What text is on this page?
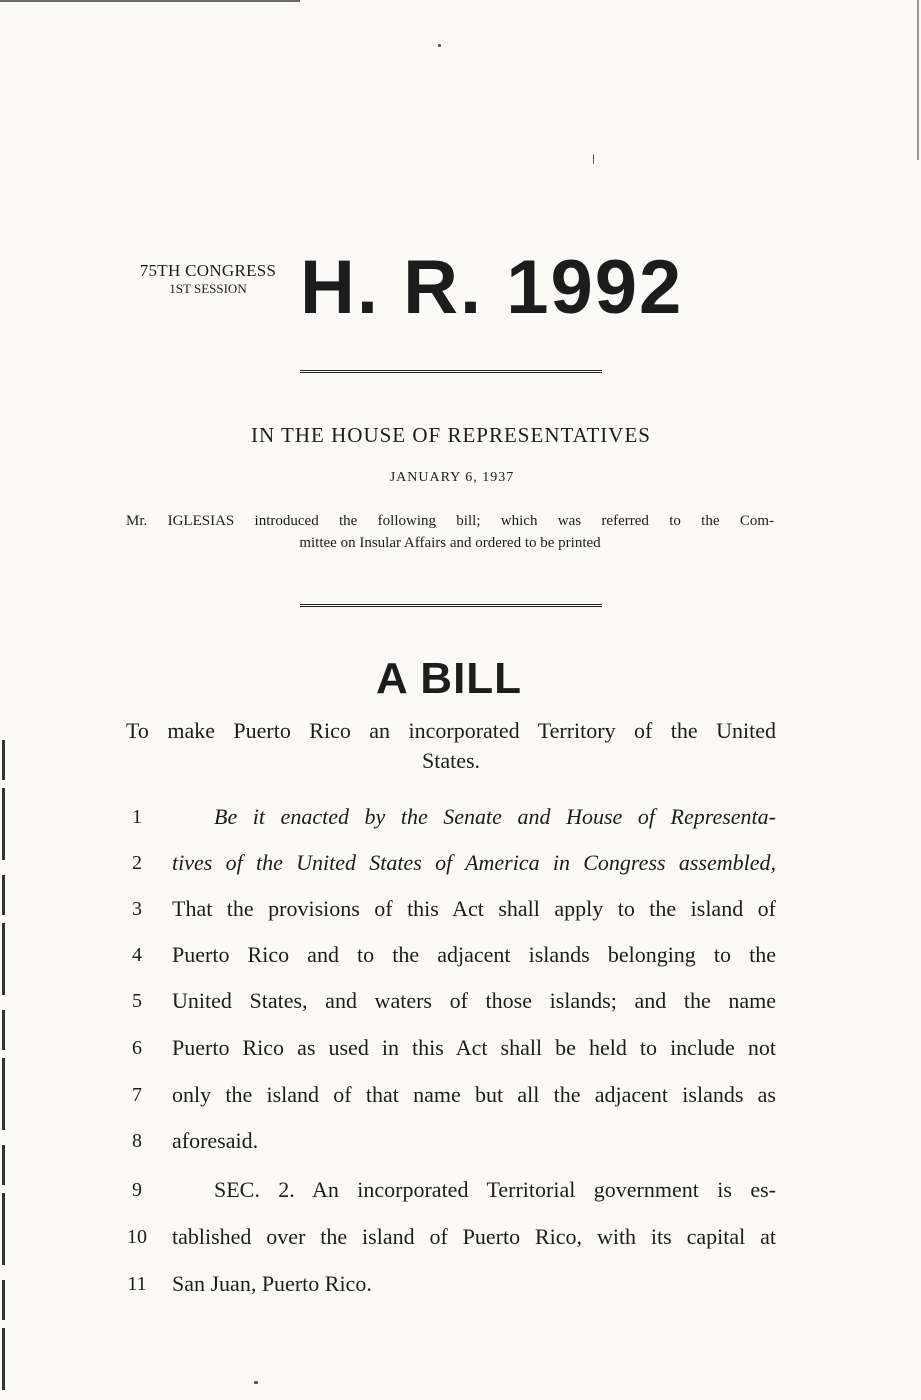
75TH CONGRESS
1ST SESSION H. R. 1992
IN THE HOUSE OF REPRESENTATIVES
JANUARY 6, 1937
Mr. IGLESIAS introduced the following bill; which was referred to the Com-
mittee on Insular Affairs and ordered to be printed
A BILL
To make Puerto Rico an incorporated Territory of the United
States.
1	Be it enacted by the Senate and House of Representa-
2	tives of the United States of America in Congress assembled,
3	That the provisions of this Act shall apply to the island of
4	Puerto Rico and to the adjacent islands belonging to the
5	United States, and waters of those islands; and the name
6	Puerto Rico as used in this Act shall be held to include not
7	only the island of that name but all the adjacent islands as
8	aforesaid.
9	SEC. 2. An incorporated Territorial government is es-
10	tablished over the island of Puerto Rico, with its capital at
11	San Juan, Puerto Rico.
